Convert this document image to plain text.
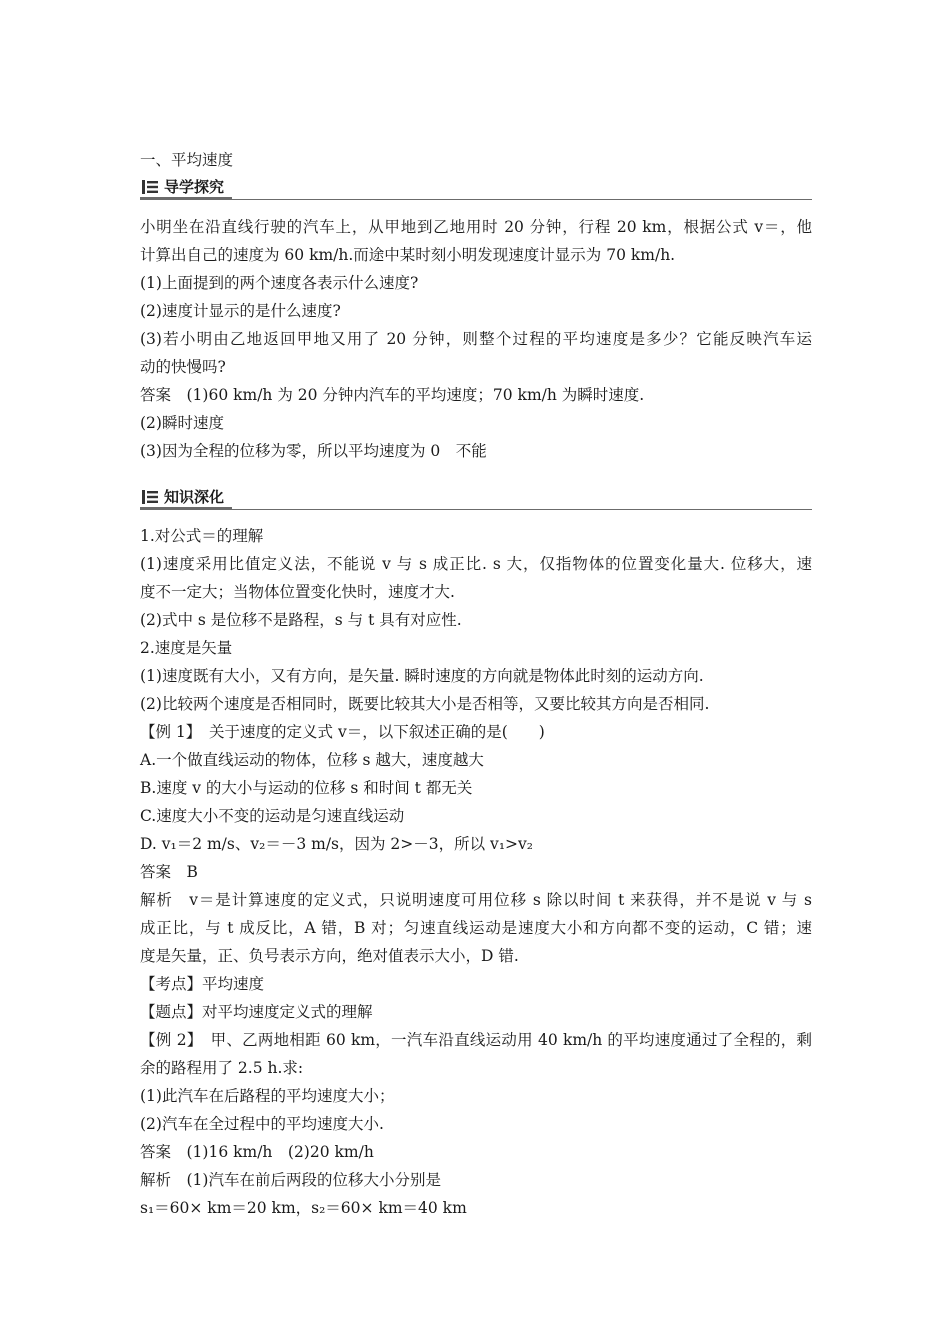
一、平均速度
导学探究
小明坐在沿直线行驶的汽车上，从甲地到乙地用时 20 分钟，行程 20 km，根据公式 v＝，他
计算出自己的速度为 60 km/h.而途中某时刻小明发现速度计显示为 70 km/h.
(1)上面提到的两个速度各表示什么速度?
(2)速度计显示的是什么速度?
(3)若小明由乙地返回甲地又用了 20 分钟，则整个过程的平均速度是多少？它能反映汽车运
动的快慢吗?
答案　(1)60 km/h 为 20 分钟内汽车的平均速度；70 km/h 为瞬时速度.
(2)瞬时速度
(3)因为全程的位移为零，所以平均速度为 0　不能
知识深化
1.对公式＝的理解
(1)速度采用比值定义法，不能说 v 与 s 成正比. s 大，仅指物体的位置变化量大. 位移大，速
度不一定大；当物体位置变化快时，速度才大.
(2)式中 s 是位移不是路程，s 与 t 具有对应性.
2.速度是矢量
(1)速度既有大小，又有方向，是矢量. 瞬时速度的方向就是物体此时刻的运动方向.
(2)比较两个速度是否相同时，既要比较其大小是否相等，又要比较其方向是否相同.
【例 1】　关于速度的定义式 v＝，以下叙述正确的是(　　)
A.一个做直线运动的物体，位移 s 越大，速度越大
B.速度 v 的大小与运动的位移 s 和时间 t 都无关
C.速度大小不变的运动是匀速直线运动
D. v₁＝2 m/s、v₂＝－3 m/s，因为 2>－3，所以 v₁>v₂
答案　B
解析　v＝是计算速度的定义式，只说明速度可用位移 s 除以时间 t 来获得，并不是说 v 与 s
成正比，与 t 成反比，A 错，B 对；匀速直线运动是速度大小和方向都不变的运动，C 错；速
度是矢量，正、负号表示方向，绝对值表示大小，D 错.
【考点】平均速度
【题点】对平均速度定义式的理解
【例 2】　甲、乙两地相距 60 km，一汽车沿直线运动用 40 km/h 的平均速度通过了全程的，剩
余的路程用了 2.5 h.求:
(1)此汽车在后路程的平均速度大小；
(2)汽车在全过程中的平均速度大小.
答案　(1)16 km/h　(2)20 km/h
解析　(1)汽车在前后两段的位移大小分别是
s₁＝60× km＝20 km，s₂＝60× km＝40 km
